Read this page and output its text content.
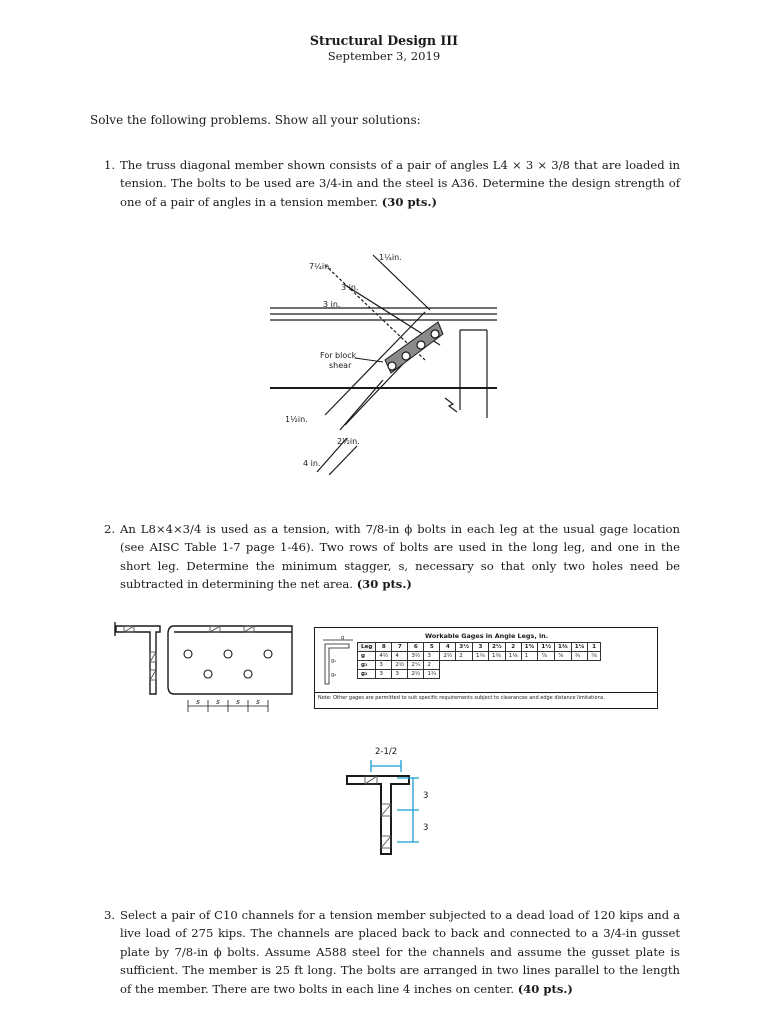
Structural Design III
September 3, 2019
Solve the following problems. Show all your solutions:
1. The truss diagonal member shown consists of a pair of angles L4 × 3 × 3/8 that are loaded in tension. The bolts to be used are 3/4-in and the steel is A36. Determine the design strength of one of a pair of angles in a tension member. (30 pts.)
7¼in.
1¼in.
3 in.
3 in.
For block
shear
1½in.
2½in.
4 in.
2. An L8×4×3/4 is used as a tension, with 7/8-in ϕ bolts in each leg at the usual gage location (see AISC Table 1-7 page 1-46). Two rows of bolts are used in the long leg, and one in the short leg. Determine the minimum stagger, s, necessary so that only two holes need be subtracted in determining the net area. (30 pts.)
s s s s
Workable Gages in Angle Legs, in.
g
g₁
g₂
Leg	8	7	6	5	4	3½	3	2½	2	1¾	1½	1⅜	1¼	1
g	4½	4	3½	3	2½	2	1¾	1⅜	1⅛	1	⅞	⅞	¾	⅝
g₁	3	2½	2¼	2										
g₂	3	3	2½	1¾										
Note: Other gages are permitted to suit specific requirements subject to clearances and edge distance limitations.
2-1/2
3
3
3. Select a pair of C10 channels for a tension member subjected to a dead load of 120 kips and a live load of 275 kips. The channels are placed back to back and connected to a 3/4-in gusset plate by 7/8-in ϕ bolts. Assume A588 steel for the channels and assume the gusset plate is sufficient. The member is 25 ft long. The bolts are arranged in two lines parallel to the length of the member. There are two bolts in each line 4 inches on center. (40 pts.)
